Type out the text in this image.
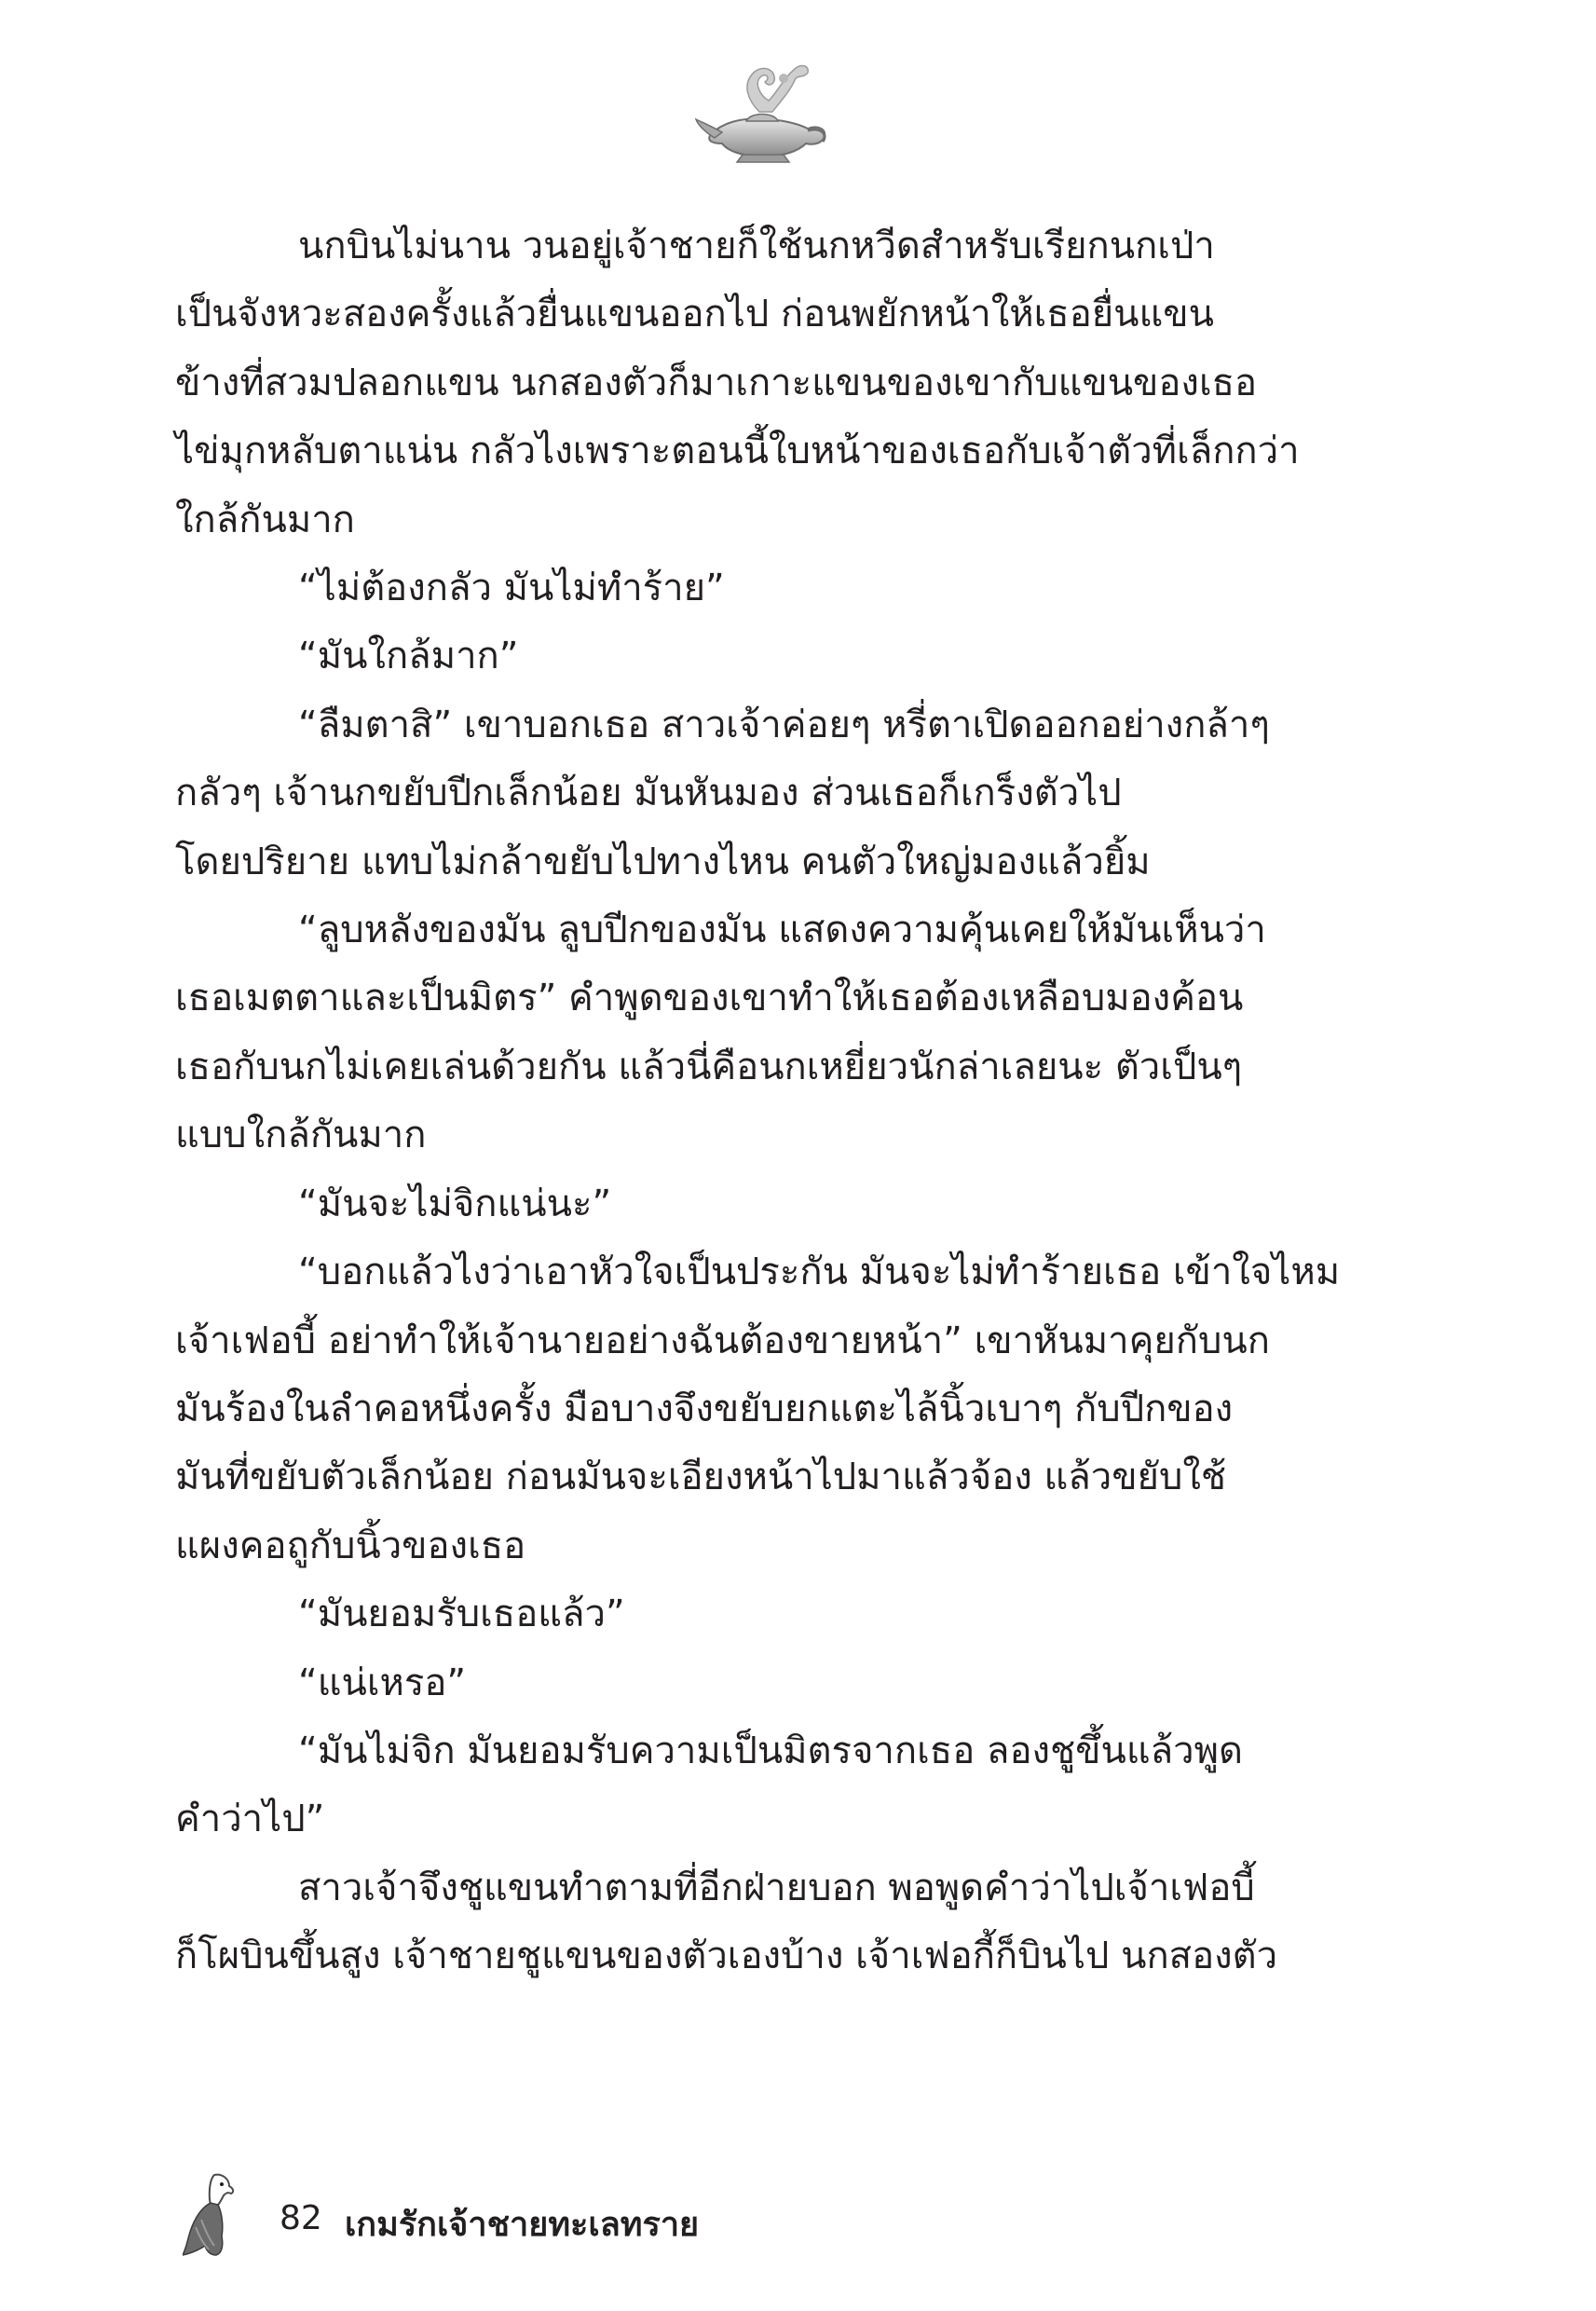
นกบินไม่นาน วนอยู่เจ้าชายก็ใช้นกหวีดสำหรับเรียกนกเป่า

เป็นจังหวะสองครั้งแล้วยื่นแขนออกไป ก่อนพยักหน้าให้เธอยื่นแขน

ข้างที่สวมปลอกแขน นกสองตัวก็มาเกาะแขนของเขากับแขนของเธอ

ไข่มุกหลับตาแน่น กลัวไงเพราะตอนนี้ใบหน้าของเธอกับเจ้าตัวที่เล็กกว่า

ใกล้กันมาก

“ไม่ต้องกลัว มันไม่ทำร้าย”

“มันใกล้มาก”

“ลืมตาสิ” เขาบอกเธอ สาวเจ้าค่อยๆ หรี่ตาเปิดออกอย่างกล้าๆ

กลัวๆ เจ้านกขยับปีกเล็กน้อย มันหันมอง ส่วนเธอก็เกร็งตัวไป

โดยปริยาย แทบไม่กล้าขยับไปทางไหน คนตัวใหญ่มองแล้วยิ้ม

“ลูบหลังของมัน ลูบปีกของมัน แสดงความคุ้นเคยให้มันเห็นว่า

เธอเมตตาและเป็นมิตร” คำพูดของเขาทำให้เธอต้องเหลือบมองค้อน

เธอกับนกไม่เคยเล่นด้วยกัน แล้วนี่คือนกเหยี่ยวนักล่าเลยนะ ตัวเป็นๆ

แบบใกล้กันมาก

“มันจะไม่จิกแน่นะ”

“บอกแล้วไงว่าเอาหัวใจเป็นประกัน มันจะไม่ทำร้ายเธอ เข้าใจไหม

เจ้าเฟอบี้ อย่าทำให้เจ้านายอย่างฉันต้องขายหน้า” เขาหันมาคุยกับนก

มันร้องในลำคอหนึ่งครั้ง มือบางจึงขยับยกแตะไล้นิ้วเบาๆ กับปีกของ

มันที่ขยับตัวเล็กน้อย ก่อนมันจะเอียงหน้าไปมาแล้วจ้อง แล้วขยับใช้

แผงคอถูกับนิ้วของเธอ

“มันยอมรับเธอแล้ว”

“แน่เหรอ”

“มันไม่จิก มันยอมรับความเป็นมิตรจากเธอ ลองชูขึ้นแล้วพูด

คำว่าไป”

สาวเจ้าจึงชูแขนทำตามที่อีกฝ่ายบอก พอพูดคำว่าไปเจ้าเฟอบี้

ก็โผบินขึ้นสูง เจ้าชายชูแขนของตัวเองบ้าง เจ้าเฟอกี้ก็บินไป นกสองตัว

82 เกมรักเจ้าชายทะเลทราย
